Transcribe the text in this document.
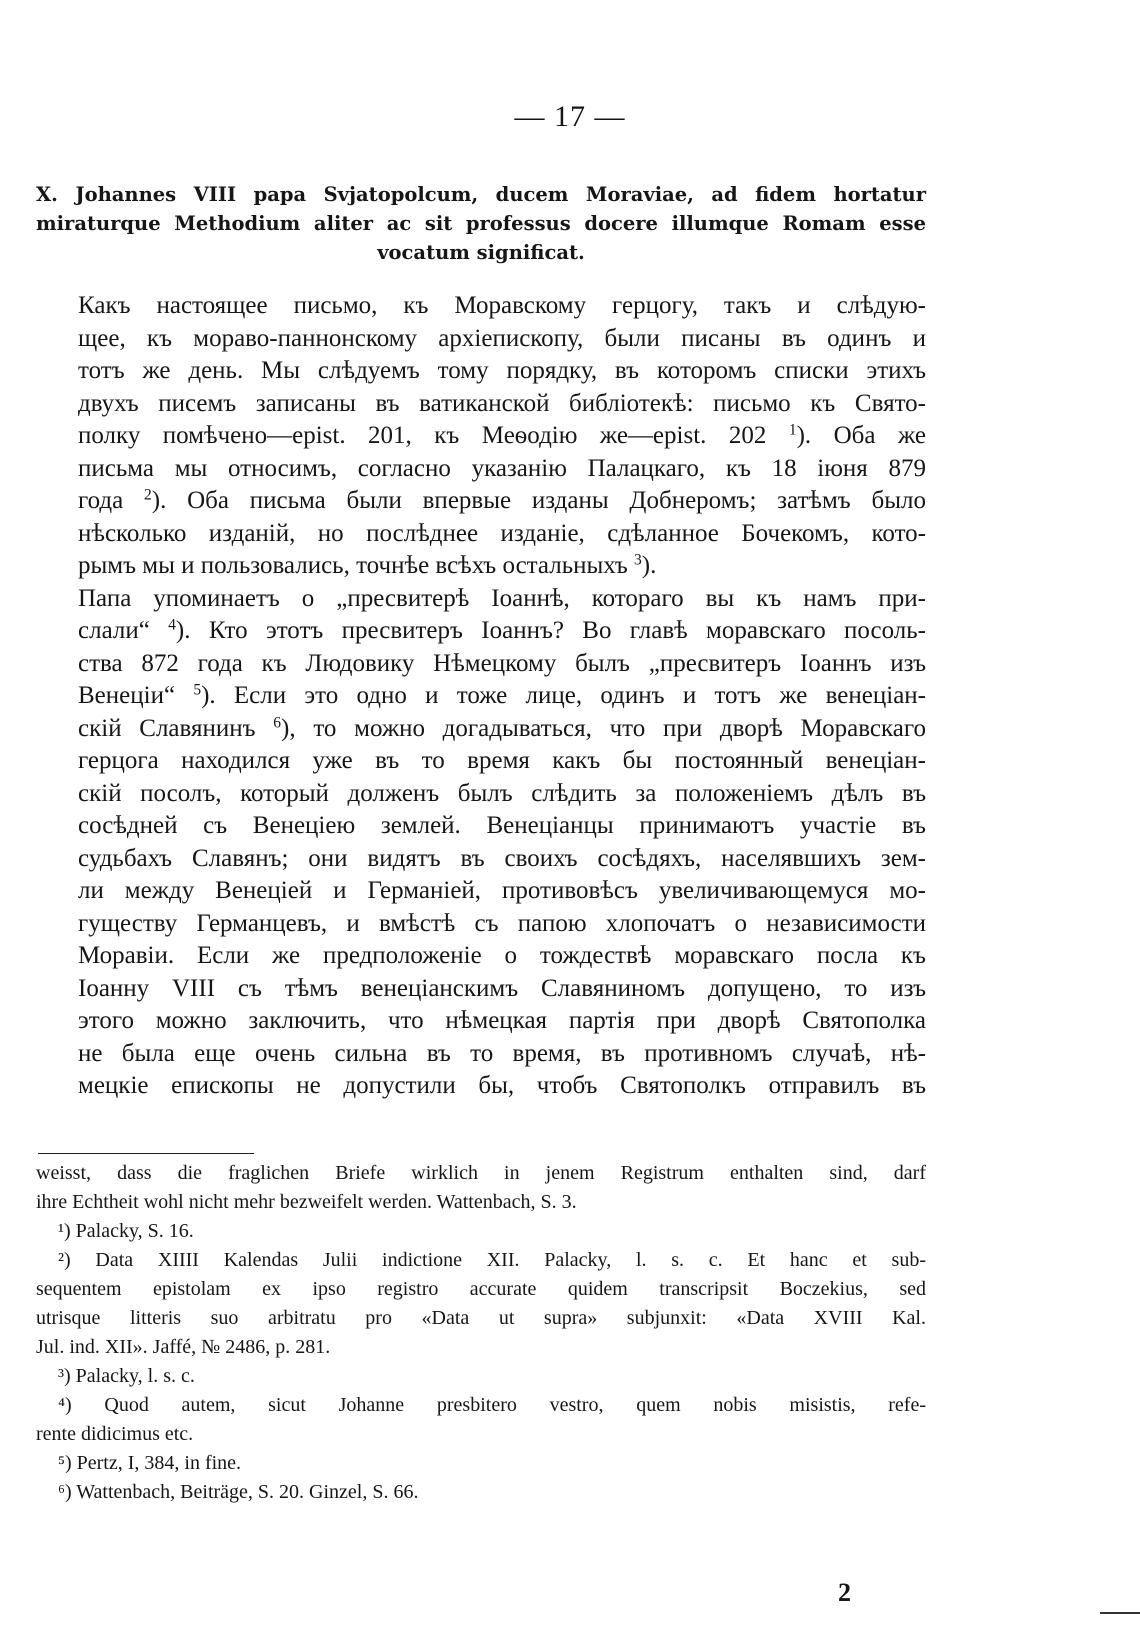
— 17 —
X. Johannes VIII papa Svjatopolcum, ducem Moraviae, ad fidem hortatur
miraturque Methodium aliter ac sit professus docere illumque Romam esse
vocatum significat.
Какъ настоящее письмо, къ Моравскому герцогу, такъ и слѣдую-
щее, къ мораво-паннонскому архіепископу, были писаны въ одинъ и
тотъ же день. Мы слѣдуемъ тому порядку, въ которомъ списки этихъ
двухъ писемъ записаны въ ватиканской библіотекѣ: письмо къ Свято-
полку помѣчено—epist. 201, къ Меѳодію же—epist. 202 $^1$). Оба же
письма мы относимъ, согласно указанію Палацкаго, къ 18 іюня 879
года $^2$). Оба письма были впервые изданы Добнеромъ; затѣмъ было
нѣсколько изданій, но послѣднее изданіе, сдѣланное Бочекомъ, кото-
рымъ мы и пользовались, точнѣе всѣхъ остальныхъ $^3$).
Папа упоминаетъ о „пресвитерѣ Іоаннѣ, котораго вы къ намъ при-
слали“ $^4$). Кто этотъ пресвитеръ Іоаннъ? Во главѣ моравскаго посоль-
ства 872 года къ Людовику Нѣмецкому былъ „пресвитеръ Іоаннъ изъ
Венеціи“ $^5$). Если это одно и тоже лице, одинъ и тотъ же венеціан-
скій Славянинъ $^6$), то можно догадываться, что при дворѣ Моравскаго
герцога находился уже въ то время какъ бы постоянный венеціан-
скій посолъ, который долженъ былъ слѣдить за положеніемъ дѣлъ въ
сосѣдней съ Венеціею землей. Венеціанцы принимаютъ участіе въ
судьбахъ Славянъ; они видятъ въ своихъ сосѣдяхъ, населявшихъ зем-
ли между Венеціей и Германіей, противовѣсъ увеличивающемуся мо-
гуществу Германцевъ, и вмѣстѣ съ папою хлопочатъ о независимости
Моравіи. Если же предположеніе о тождествѣ моравскаго посла къ
Іоанну VIII съ тѣмъ венеціанскимъ Славяниномъ допущено, то изъ
этого можно заключить, что нѣмецкая партія при дворѣ Святополка
не была еще очень сильна въ то время, въ противномъ случаѣ, нѣ-
мецкіе епископы не допустили бы, чтобъ Святополкъ отправилъ въ
weisst, dass die fraglichen Briefe wirklich in jenem Registrum enthalten sind, darf
ihre Echtheit wohl nicht mehr bezweifelt werden. Wattenbach, S. 3.
¹) Palacky, S. 16.
²) Data XIIII Kalendas Julii indictione XII. Palacky, l. s. c. Et hanc et sub-
sequentem epistolam ex ipso registro accurate quidem transcripsit Boczekius, sed
utrisque litteris suo arbitratu pro «Data ut supra» subjunxit: «Data XVIII Kal.
Jul. ind. XII». Jaffé, № 2486, p. 281.
³) Palacky, l. s. c.
⁴) Quod autem, sicut Johanne presbitero vestro, quem nobis misistis, refe-
rente didicimus etc.
⁵) Pertz, I, 384, in fine.
⁶) Wattenbach, Beiträge, S. 20. Ginzel, S. 66.
2
